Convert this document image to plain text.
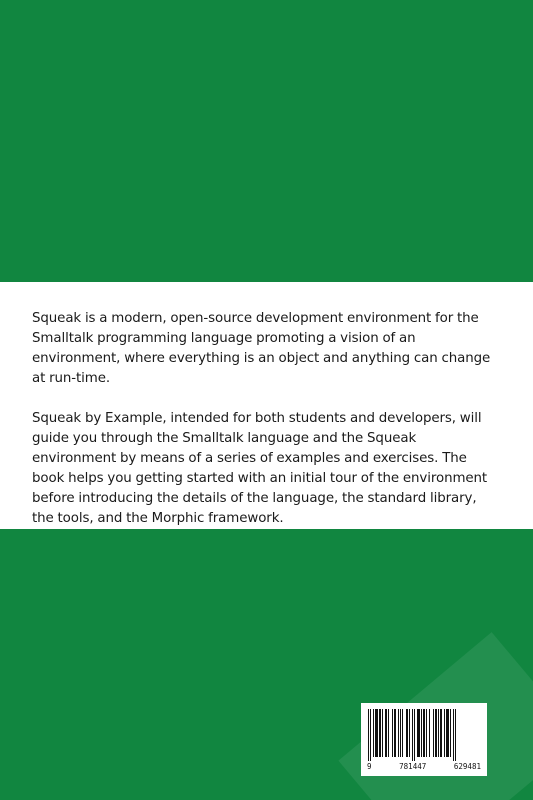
Squeak is a modern, open-source development environment for the Smalltalk programming language promoting a vision of an environment, where everything is an object and anything can change at run-time.

Squeak by Example, intended for both students and developers, will guide you through the Smalltalk language and the Squeak environment by means of a series of examples and exercises. The book helps you getting started with an initial tour of the environment before introducing the details of the language, the standard library, the tools, and the Morphic framework.

9	781447	629481
